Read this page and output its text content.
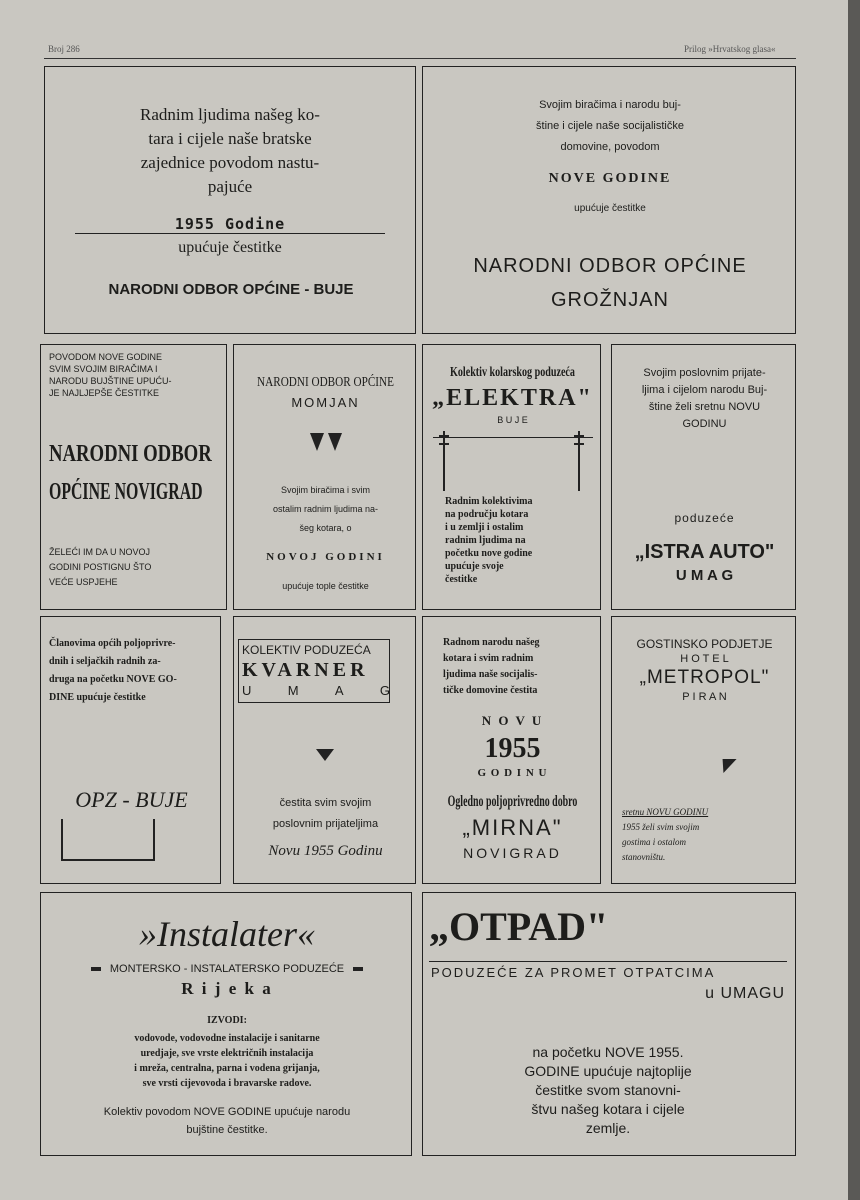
Broj 286	Prilog »Hrvatskog glasa«
Radnim ljudima našeg ko-
tara i cijele naše bratske
zajednice povodom nastu-
pajuće
1955 Godine
upućuje čestitke
NARODNI ODBOR OPĆINE - BUJE
Svojim biračima i narodu buj-
štine i cijele naše socijalističke
domovine, povodom
NOVE GODINE
upućuje čestitke
NARODNI ODBOR OPĆINE
GROŽNJAN
POVODOM NOVE GODINE
SVIM SVOJIM BIRAČIMA I
NARODU BUJŠTINE UPUĆU-
JE NAJLJEPŠE ČESTITKE
NARODNI ODBOR
OPĆINE NOVIGRAD
ŽELEĆI IM DA U NOVOJ
GODINI POSTIGNU ŠTO
VEĆE USPJEHE
NARODNI ODBOR OPĆINE
MOMJAN
Svojim biračima i svim
ostalim radnim ljudima na-
šeg kotara, o
NOVOJ GODINI
upućuje tople čestitke
Kolektiv kolarskog poduzeća
„ELEKTRA"
B U J E
Radnim kolektivima
na području kotara
i u zemlji i ostalim
radnim ljudima na
početku nove godine
upućuje svoje
čestitke
Svojim poslovnim prijate-
ljima i cijelom narodu Buj-
štine želi sretnu NOVU
GODINU
poduzeće
„ISTRA AUTO"
U M A G
Članovima općih poljoprivre-
dnih i seljačkih radnih za-
druga na početku NOVE GO-
DINE upućuje čestitke
OPZ - BUJE
KOLEKTIV PODUZEĆA
KVARNER
U	M	A	G
čestita svim svojim
poslovnim prijateljima
Novu 1955 Godinu
Radnom narodu našeg
kotara i svim radnim
ljudima naše socijalis-
tičke domovine čestita
N O V U
1955
G O D I N U
Ogledno poljoprivredno dobro
„MIRNA"
NOVIGRAD
GOSTINSKO PODJETJE
H O T E L
„METROPOL"
P I R A N
sretnu NOVU GODINU
1955 želi svim svojim
gostima i ostalom
stanovništu.
»Instalater«
MONTERSKO - INSTALATERSKO PODUZEĆE
R i j e k a
IZVODI:
vodovode, vodovodne instalacije i sanitarne
uredjaje, sve vrste električnih instalacija
i mreža, centralna, parna i vodena grijanja,
sve vrsti cijevovoda i bravarske radove.
Kolektiv povodom NOVE GODINE upućuje narodu
bujštine čestitke.
„OTPAD"
PODUZEĆE ZA PROMET OTPATCIMA
u UMAGU
na početku NOVE 1955.
GODINE upućuje najtoplije
čestitke svom stanovni-
štvu našeg kotara i cijele
zemlje.
